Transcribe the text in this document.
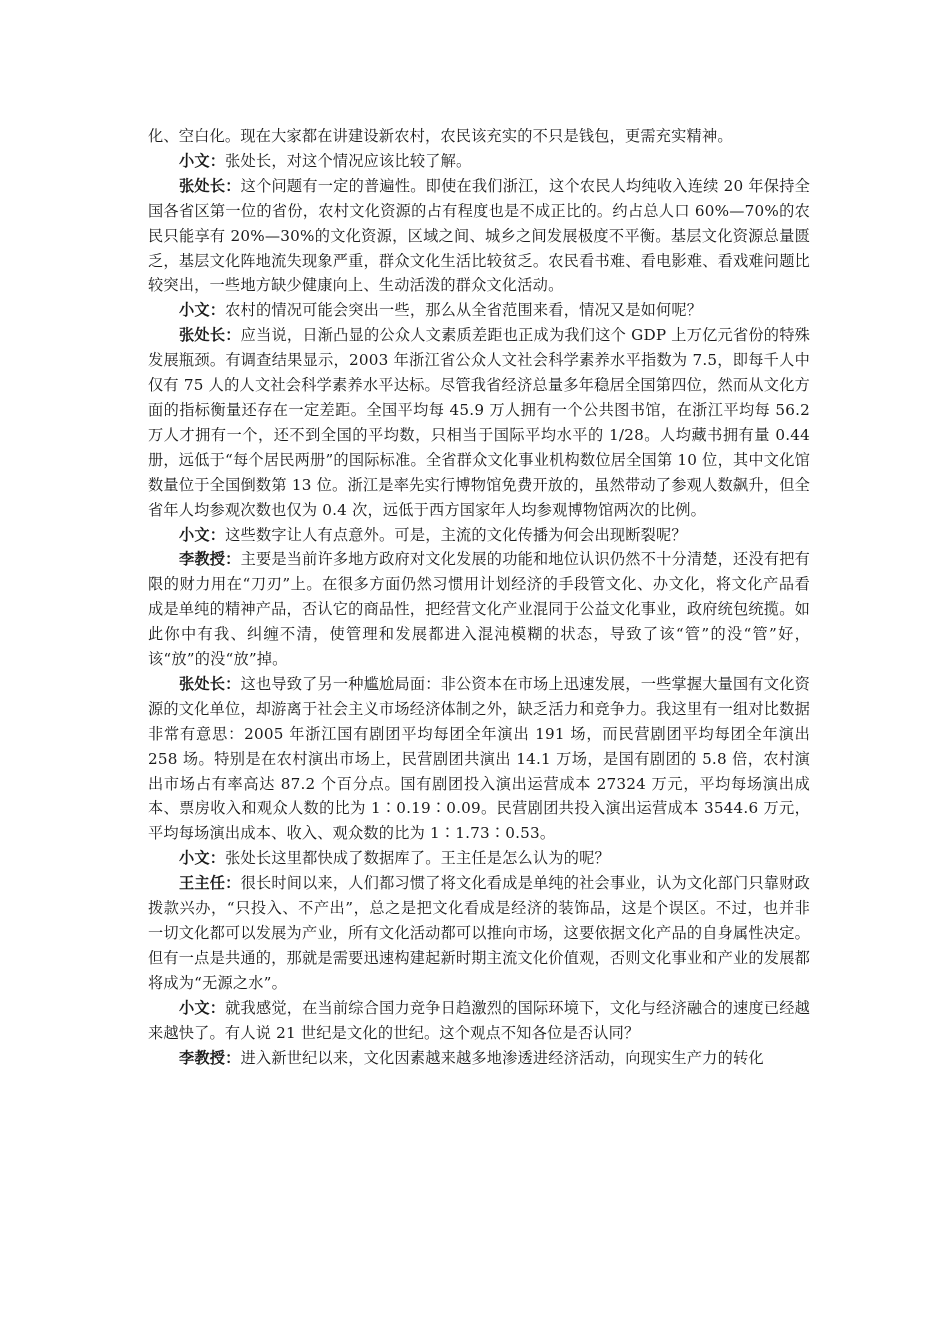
化、空白化。现在大家都在讲建设新农村，农民该充实的不只是钱包，更需充实精神。

小文：张处长，对这个情况应该比较了解。

张处长：这个问题有一定的普遍性。即使在我们浙江，这个农民人均纯收入连续 20 年保持全国各省区第一位的省份，农村文化资源的占有程度也是不成正比的。约占总人口 60%—70%的农民只能享有 20%—30%的文化资源，区域之间、城乡之间发展极度不平衡。基层文化资源总量匮乏，基层文化阵地流失现象严重，群众文化生活比较贫乏。农民看书难、看电影难、看戏难问题比较突出，一些地方缺少健康向上、生动活泼的群众文化活动。

小文：农村的情况可能会突出一些，那么从全省范围来看，情况又是如何呢？

张处长：应当说，日渐凸显的公众人文素质差距也正成为我们这个 GDP 上万亿元省份的特殊发展瓶颈。有调查结果显示，2003 年浙江省公众人文社会科学素养水平指数为 7.5，即每千人中仅有 75 人的人文社会科学素养水平达标。尽管我省经济总量多年稳居全国第四位，然而从文化方面的指标衡量还存在一定差距。全国平均每 45.9 万人拥有一个公共图书馆，在浙江平均每 56.2 万人才拥有一个，还不到全国的平均数，只相当于国际平均水平的 1/28。人均藏书拥有量 0.44 册，远低于“每个居民两册”的国际标准。全省群众文化事业机构数位居全国第 10 位，其中文化馆数量位于全国倒数第 13 位。浙江是率先实行博物馆免费开放的，虽然带动了参观人数飙升，但全省年人均参观次数也仅为 0.4 次，远低于西方国家年人均参观博物馆两次的比例。

小文：这些数字让人有点意外。可是，主流的文化传播为何会出现断裂呢？

李教授：主要是当前许多地方政府对文化发展的功能和地位认识仍然不十分清楚，还没有把有限的财力用在“刀刃”上。在很多方面仍然习惯用计划经济的手段管文化、办文化，将文化产品看成是单纯的精神产品，否认它的商品性，把经营文化产业混同于公益文化事业，政府统包统揽。如此你中有我、纠缠不清，使管理和发展都进入混沌模糊的状态，导致了该“管”的没“管”好，该“放”的没“放”掉。

张处长：这也导致了另一种尴尬局面：非公资本在市场上迅速发展，一些掌握大量国有文化资源的文化单位，却游离于社会主义市场经济体制之外，缺乏活力和竞争力。我这里有一组对比数据非常有意思：2005 年浙江国有剧团平均每团全年演出 191 场，而民营剧团平均每团全年演出 258 场。特别是在农村演出市场上，民营剧团共演出 14.1 万场，是国有剧团的 5.8 倍，农村演出市场占有率高达 87.2 个百分点。国有剧团投入演出运营成本 27324 万元，平均每场演出成本、票房收入和观众人数的比为 1∶0.19∶0.09。民营剧团共投入演出运营成本 3544.6 万元，平均每场演出成本、收入、观众数的比为 1∶1.73∶0.53。

小文：张处长这里都快成了数据库了。王主任是怎么认为的呢？

王主任：很长时间以来，人们都习惯了将文化看成是单纯的社会事业，认为文化部门只靠财政拨款兴办，“只投入、不产出”，总之是把文化看成是经济的装饰品，这是个误区。不过，也并非一切文化都可以发展为产业，所有文化活动都可以推向市场，这要依据文化产品的自身属性决定。但有一点是共通的，那就是需要迅速构建起新时期主流文化价值观，否则文化事业和产业的发展都将成为“无源之水”。

小文：就我感觉，在当前综合国力竞争日趋激烈的国际环境下，文化与经济融合的速度已经越来越快了。有人说 21 世纪是文化的世纪。这个观点不知各位是否认同？

李教授：进入新世纪以来，文化因素越来越多地渗透进经济活动，向现实生产力的转化
